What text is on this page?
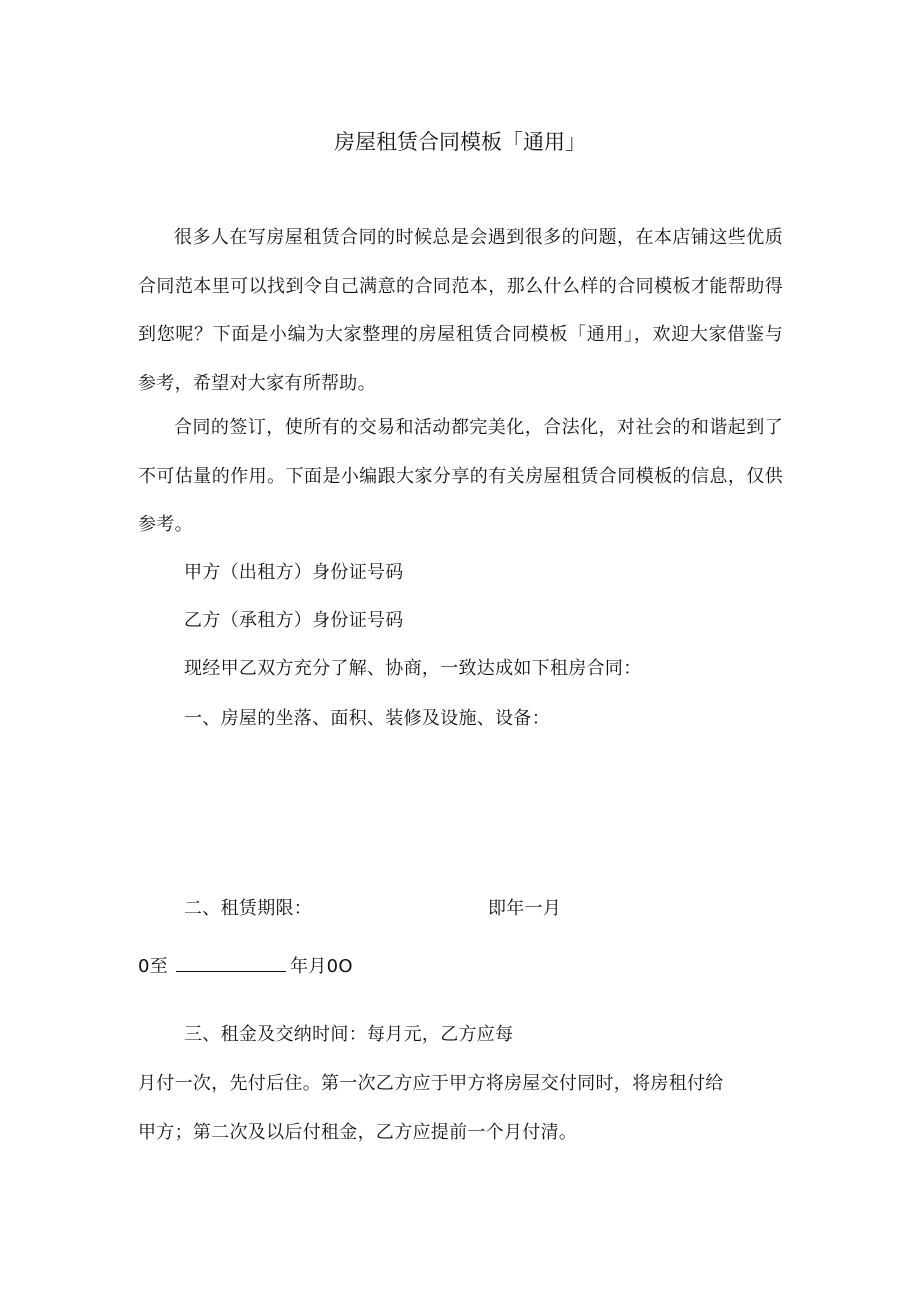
房屋租赁合同模板「通用」

很多人在写房屋租赁合同的时候总是会遇到很多的问题，在本店铺这些优质合同范本里可以找到令自己满意的合同范本，那么什么样的合同模板才能帮助得到您呢？下面是小编为大家整理的房屋租赁合同模板「通用」，欢迎大家借鉴与参考，希望对大家有所帮助。

合同的签订，使所有的交易和活动都完美化，合法化，对社会的和谐起到了不可估量的作用。下面是小编跟大家分享的有关房屋租赁合同模板的信息，仅供参考。

甲方（出租方）身份证号码
乙方（承租方）身份证号码
现经甲乙双方充分了解、协商，一致达成如下租房合同：
一、房屋的坐落、面积、装修及设施、设备：
二、租赁期限：	即年一月
0至	年月0O
三、租金及交纳时间：每月元，乙方应每
月付一次，先付后住。第一次乙方应于甲方将房屋交付同时，将房租付给
甲方；第二次及以后付租金，乙方应提前一个月付清。
